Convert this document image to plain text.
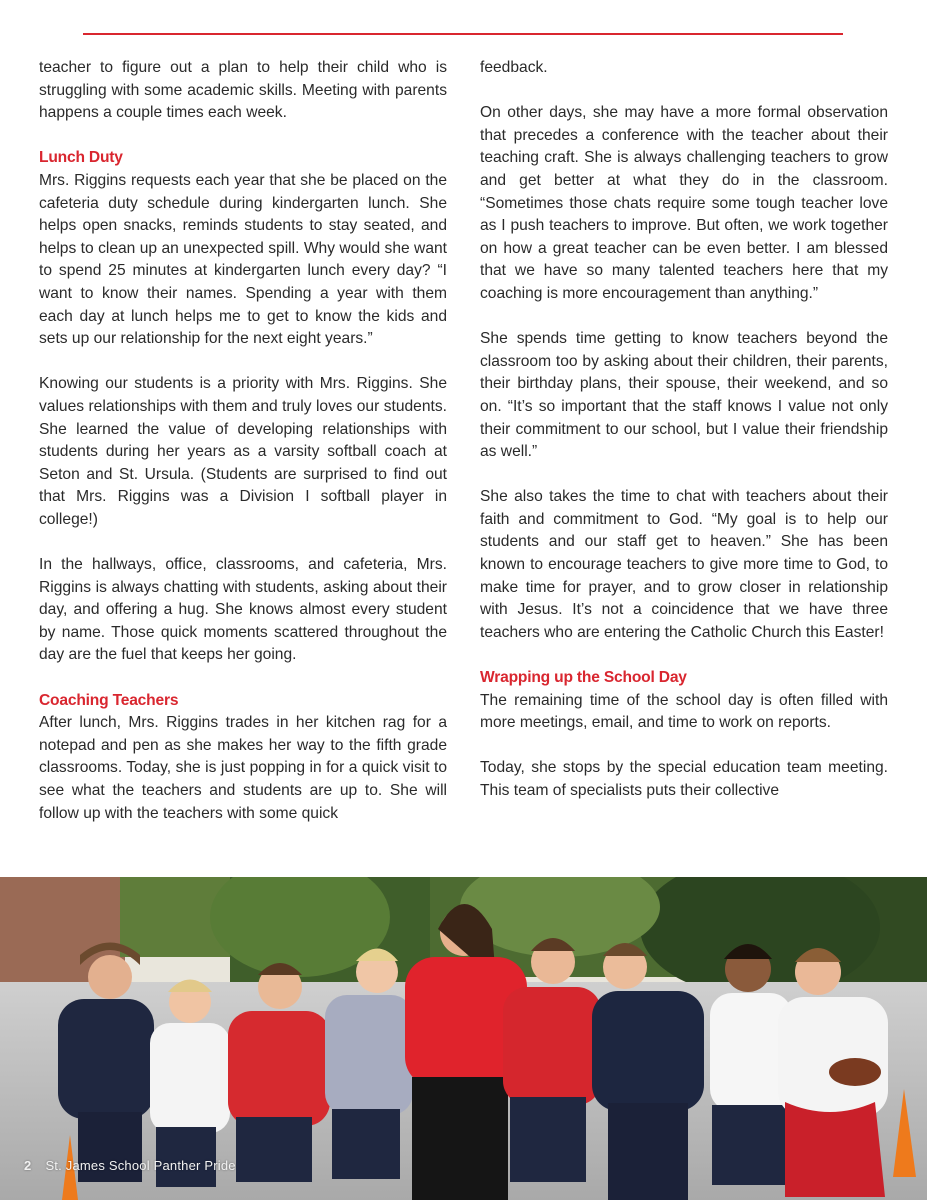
teacher to figure out a plan to help their child who is struggling with some academic skills. Meeting with parents happens a couple times each week.

Lunch Duty

Mrs. Riggins requests each year that she be placed on the cafeteria duty schedule during kindergarten lunch. She helps open snacks, reminds students to stay seated, and helps to clean up an unexpected spill. Why would she want to spend 25 minutes at kindergarten lunch every day? “I want to know their names. Spending a year with them each day at lunch helps me to get to know the kids and sets up our relationship for the next eight years.”

Knowing our students is a priority with Mrs. Riggins. She values relationships with them and truly loves our students. She learned the value of developing relationships with students during her years as a varsity softball coach at Seton and St. Ursula. (Students are surprised to find out that Mrs. Riggins was a Division I softball player in college!)

In the hallways, office, classrooms, and cafeteria, Mrs. Riggins is always chatting with students, asking about their day, and offering a hug. She knows almost every student by name. Those quick moments scattered throughout the day are the fuel that keeps her going.

Coaching Teachers

After lunch, Mrs. Riggins trades in her kitchen rag for a notepad and pen as she makes her way to the fifth grade classrooms. Today, she is just popping in for a quick visit to see what the teachers and students are up to. She will follow up with the teachers with some quick

feedback.

On other days, she may have a more formal observation that precedes a conference with the teacher about their teaching craft. She is always challenging teachers to grow and get better at what they do in the classroom. “Sometimes those chats require some tough teacher love as I push teachers to improve. But often, we work together on how a great teacher can be even better. I am blessed that we have so many talented teachers here that my coaching is more encouragement than anything.”

She spends time getting to know teachers beyond the classroom too by asking about their children, their parents, their birthday plans, their spouse, their weekend, and so on. “It’s so important that the staff knows I value not only their commitment to our school, but I value their friendship as well.”

She also takes the time to chat with teachers about their faith and commitment to God. “My goal is to help our students and our staff get to heaven.” She has been known to encourage teachers to give more time to God, to make time for prayer, and to grow closer in relationship with Jesus. It’s not a coincidence that we have three teachers who are entering the Catholic Church this Easter!

Wrapping up the School Day

The remaining time of the school day is often filled with more meetings, email, and time to work on reports.

Today, she stops by the special education team meeting. This team of specialists puts their collective

2 St. James School Panther Pride
